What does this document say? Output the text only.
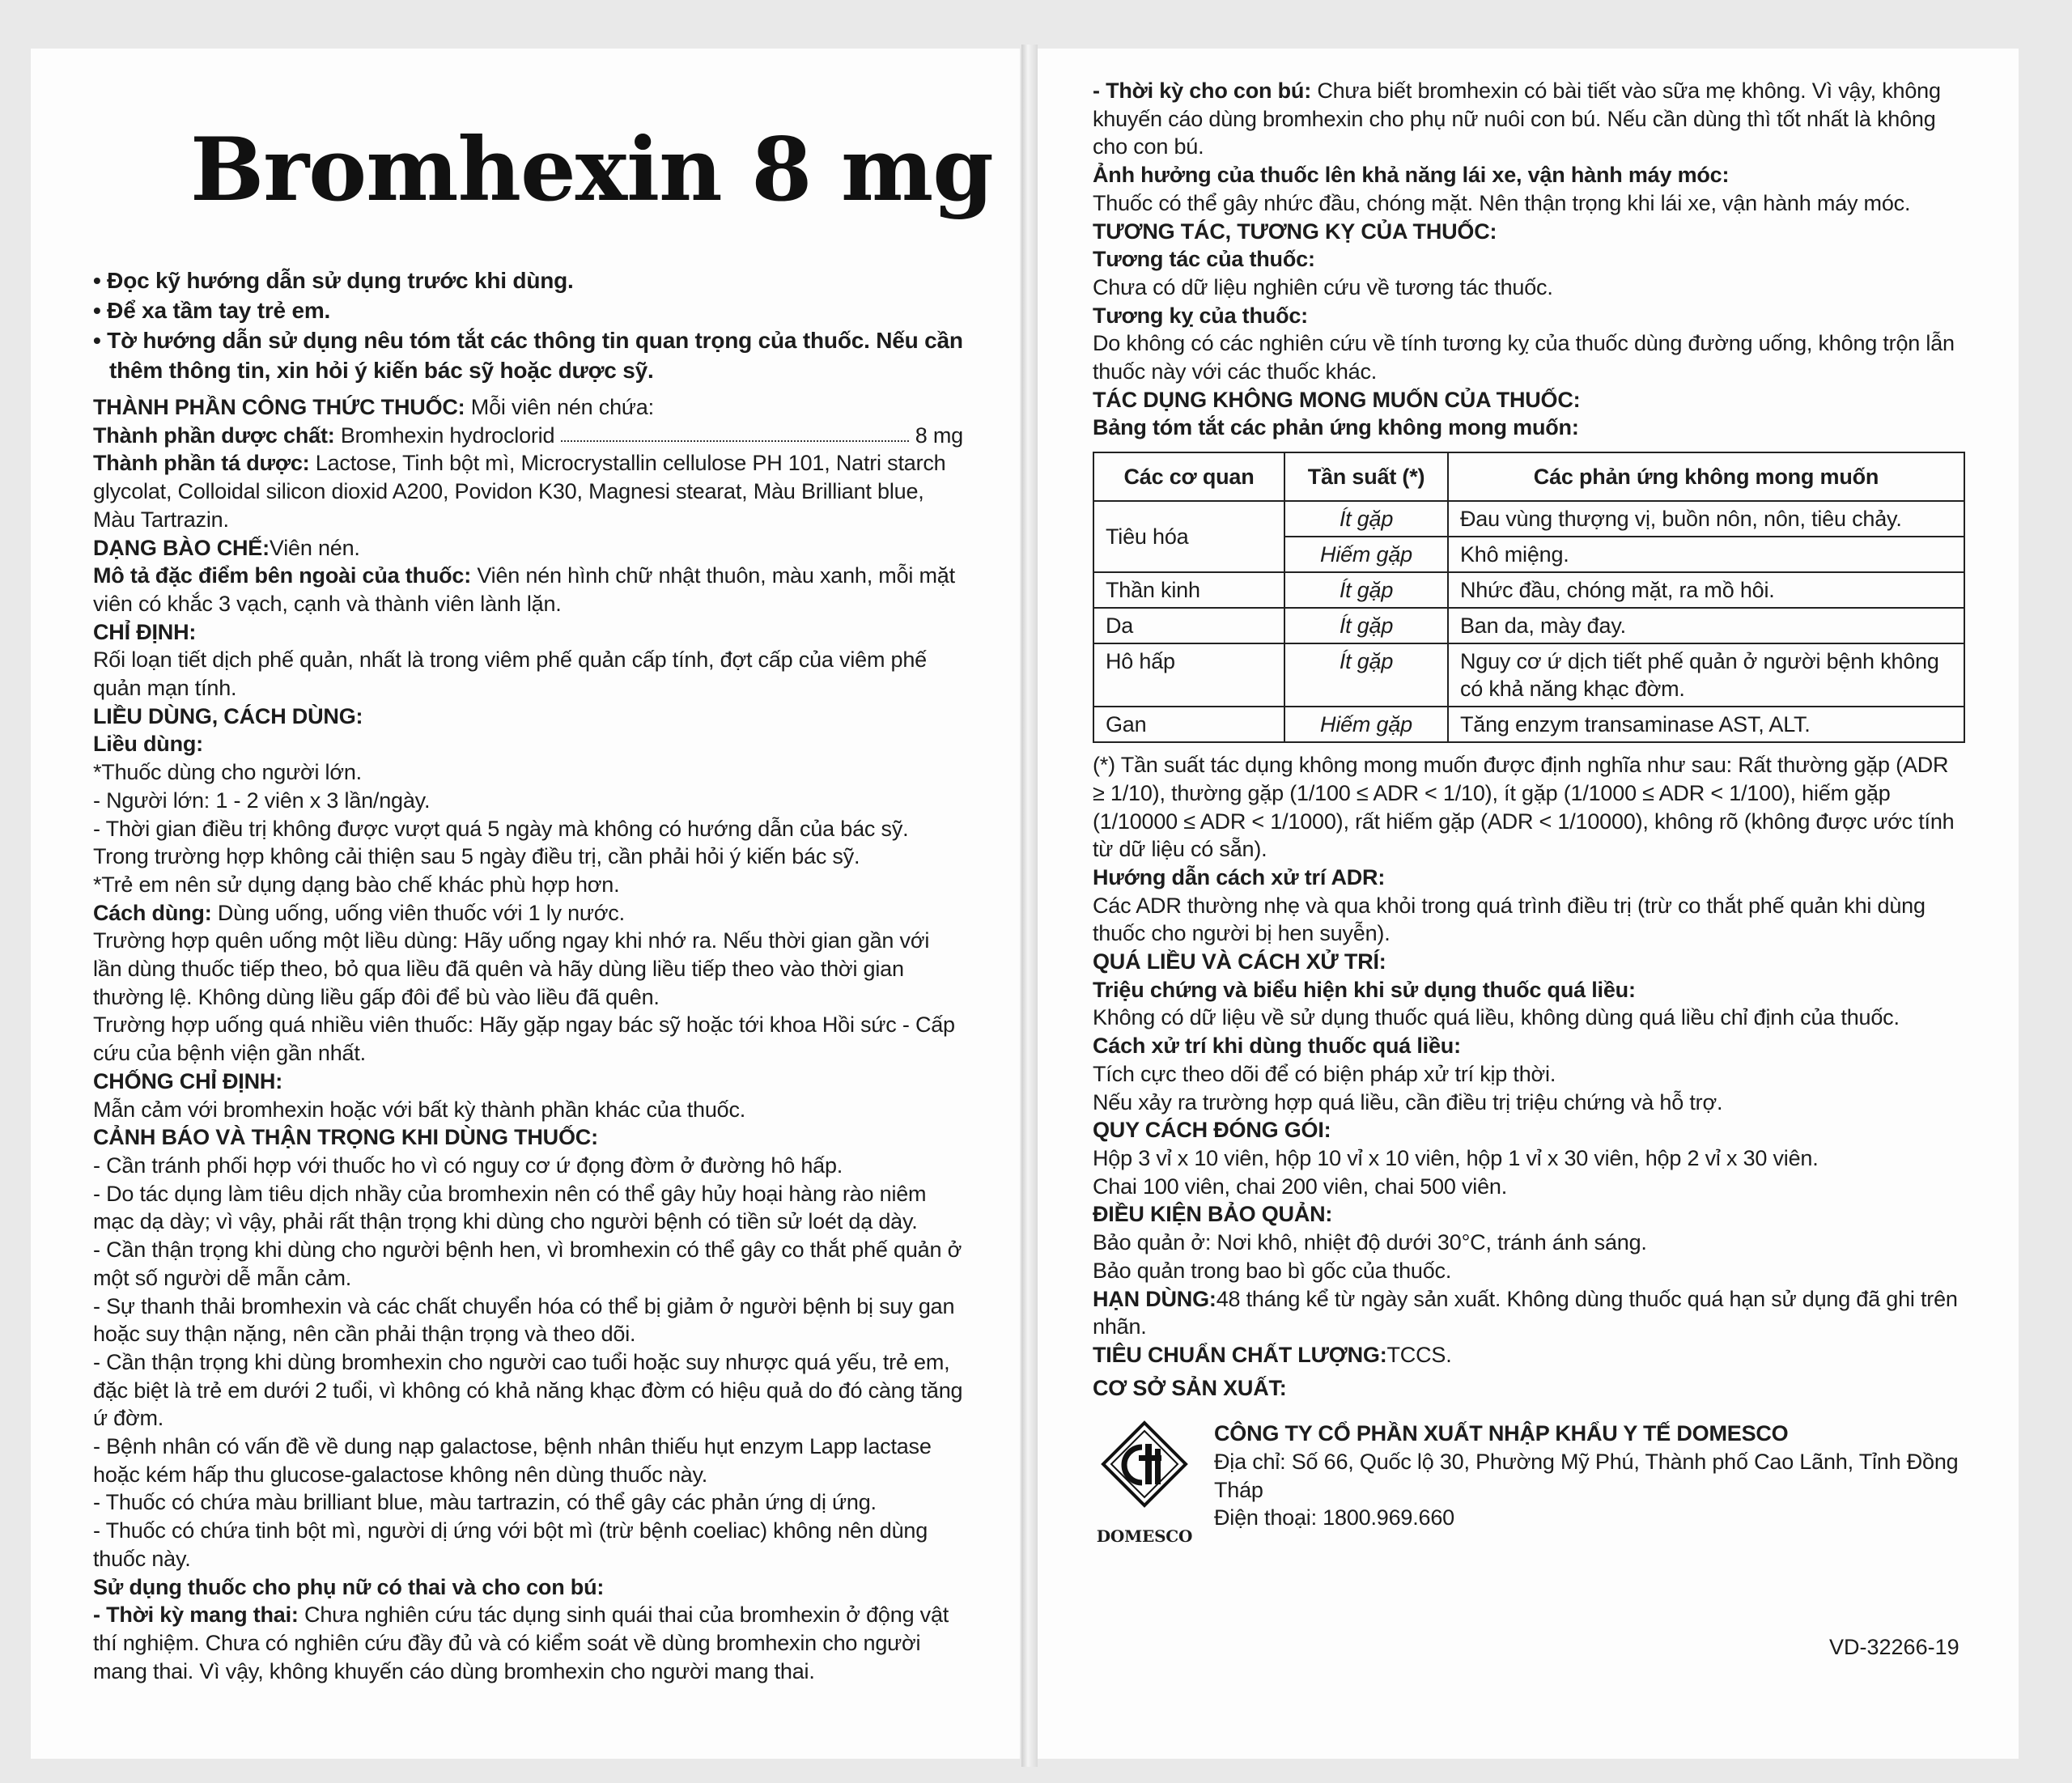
Bromhexin 8 mg
• Đọc kỹ hướng dẫn sử dụng trước khi dùng.
• Để xa tầm tay trẻ em.
• Tờ hướng dẫn sử dụng nêu tóm tắt các thông tin quan trọng của thuốc. Nếu cần thêm thông tin, xin hỏi ý kiến bác sỹ hoặc dược sỹ.

THÀNH PHẦN CÔNG THỨC THUỐC: Mỗi viên nén chứa:

Thành phần dược chất: Bromhexin hydroclorid	8 mg

Thành phần tá dược: Lactose, Tinh bột mì, Microcrystallin cellulose PH 101, Natri starch glycolat, Colloidal silicon dioxid A200, Povidon K30, Magnesi stearat, Màu Brilliant blue, Màu Tartrazin.

DẠNG BÀO CHẾ:Viên nén.

Mô tả đặc điểm bên ngoài của thuốc: Viên nén hình chữ nhật thuôn, màu xanh, mỗi mặt viên có khắc 3 vạch, cạnh và thành viên lành lặn.

CHỈ ĐỊNH:

Rối loạn tiết dịch phế quản, nhất là trong viêm phế quản cấp tính, đợt cấp của viêm phế quản mạn tính.

LIỀU DÙNG, CÁCH DÙNG:
Liều dùng:

*Thuốc dùng cho người lớn.

- Người lớn: 1 - 2 viên x 3 lần/ngày.

- Thời gian điều trị không được vượt quá 5 ngày mà không có hướng dẫn của bác sỹ. Trong trường hợp không cải thiện sau 5 ngày điều trị, cần phải hỏi ý kiến bác sỹ.

*Trẻ em nên sử dụng dạng bào chế khác phù hợp hơn.

Cách dùng: Dùng uống, uống viên thuốc với 1 ly nước.

Trường hợp quên uống một liều dùng: Hãy uống ngay khi nhớ ra. Nếu thời gian gần với lần dùng thuốc tiếp theo, bỏ qua liều đã quên và hãy dùng liều tiếp theo vào thời gian thường lệ. Không dùng liều gấp đôi để bù vào liều đã quên.

Trường hợp uống quá nhiều viên thuốc: Hãy gặp ngay bác sỹ hoặc tới khoa Hồi sức - Cấp cứu của bệnh viện gần nhất.

CHỐNG CHỈ ĐỊNH:

Mẫn cảm với bromhexin hoặc với bất kỳ thành phần khác của thuốc.

CẢNH BÁO VÀ THẬN TRỌNG KHI DÙNG THUỐC:

- Cần tránh phối hợp với thuốc ho vì có nguy cơ ứ đọng đờm ở đường hô hấp.

- Do tác dụng làm tiêu dịch nhầy của bromhexin nên có thể gây hủy hoại hàng rào niêm mạc dạ dày; vì vậy, phải rất thận trọng khi dùng cho người bệnh có tiền sử loét dạ dày.

- Cần thận trọng khi dùng cho người bệnh hen, vì bromhexin có thể gây co thắt phế quản ở một số người dễ mẫn cảm.

- Sự thanh thải bromhexin và các chất chuyển hóa có thể bị giảm ở người bệnh bị suy gan hoặc suy thận nặng, nên cần phải thận trọng và theo dõi.

- Cần thận trọng khi dùng bromhexin cho người cao tuổi hoặc suy nhược quá yếu, trẻ em, đặc biệt là trẻ em dưới 2 tuổi, vì không có khả năng khạc đờm có hiệu quả do đó càng tăng ứ đờm.

- Bệnh nhân có vấn đề về dung nạp galactose, bệnh nhân thiếu hụt enzym Lapp lactase hoặc kém hấp thu glucose-galactose không nên dùng thuốc này.

- Thuốc có chứa màu brilliant blue, màu tartrazin, có thể gây các phản ứng dị ứng.

- Thuốc có chứa tinh bột mì, người dị ứng với bột mì (trừ bệnh coeliac) không nên dùng thuốc này.

Sử dụng thuốc cho phụ nữ có thai và cho con bú:

- Thời kỳ mang thai: Chưa nghiên cứu tác dụng sinh quái thai của bromhexin ở động vật thí nghiệm. Chưa có nghiên cứu đầy đủ và có kiểm soát về dùng bromhexin cho người mang thai. Vì vậy, không khuyến cáo dùng bromhexin cho người mang thai.

- Thời kỳ cho con bú: Chưa biết bromhexin có bài tiết vào sữa mẹ không. Vì vậy, không khuyến cáo dùng bromhexin cho phụ nữ nuôi con bú. Nếu cần dùng thì tốt nhất là không cho con bú.

Ảnh hưởng của thuốc lên khả năng lái xe, vận hành máy móc:

Thuốc có thể gây nhức đầu, chóng mặt. Nên thận trọng khi lái xe, vận hành máy móc.

TƯƠNG TÁC, TƯƠNG KỴ CỦA THUỐC:
Tương tác của thuốc:

Chưa có dữ liệu nghiên cứu về tương tác thuốc.

Tương kỵ của thuốc:

Do không có các nghiên cứu về tính tương kỵ của thuốc dùng đường uống, không trộn lẫn thuốc này với các thuốc khác.

TÁC DỤNG KHÔNG MONG MUỐN CỦA THUỐC:
Bảng tóm tắt các phản ứng không mong muốn:
Các cơ quan	Tần suất (*)	Các phản ứng không mong muốn
Tiêu hóa	Ít gặp	Đau vùng thượng vị, buồn nôn, nôn, tiêu chảy.
	Hiếm gặp	Khô miệng.
Thần kinh	Ít gặp	Nhức đầu, chóng mặt, ra mồ hôi.
Da	Ít gặp	Ban da, mày đay.
Hô hấp	Ít gặp	Nguy cơ ứ dịch tiết phế quản ở người bệnh không có khả năng khạc đờm.
Gan	Hiếm gặp	Tăng enzym transaminase AST, ALT.

(*) Tần suất tác dụng không mong muốn được định nghĩa như sau: Rất thường gặp (ADR ≥ 1/10), thường gặp (1/100 ≤ ADR < 1/10), ít gặp (1/1000 ≤ ADR < 1/100), hiếm gặp (1/10000 ≤ ADR < 1/1000), rất hiếm gặp (ADR < 1/10000), không rõ (không được ước tính từ dữ liệu có sẵn).

Hướng dẫn cách xử trí ADR:

Các ADR thường nhẹ và qua khỏi trong quá trình điều trị (trừ co thắt phế quản khi dùng thuốc cho người bị hen suyễn).

QUÁ LIỀU VÀ CÁCH XỬ TRÍ:
Triệu chứng và biểu hiện khi sử dụng thuốc quá liều:

Không có dữ liệu về sử dụng thuốc quá liều, không dùng quá liều chỉ định của thuốc.

Cách xử trí khi dùng thuốc quá liều:

Tích cực theo dõi để có biện pháp xử trí kịp thời.

Nếu xảy ra trường hợp quá liều, cần điều trị triệu chứng và hỗ trợ.

QUY CÁCH ĐÓNG GÓI:

Hộp 3 vỉ x 10 viên, hộp 10 vỉ x 10 viên, hộp 1 vỉ x 30 viên, hộp 2 vỉ x 30 viên.

Chai 100 viên, chai 200 viên, chai 500 viên.

ĐIỀU KIỆN BẢO QUẢN:

Bảo quản ở: Nơi khô, nhiệt độ dưới 30°C, tránh ánh sáng.

Bảo quản trong bao bì gốc của thuốc.

HẠN DÙNG:48 tháng kể từ ngày sản xuất. Không dùng thuốc quá hạn sử dụng đã ghi trên nhãn.

TIÊU CHUẨN CHẤT LƯỢNG:TCCS.

CƠ SỞ SẢN XUẤT:
DOMESCO
CÔNG TY CỔ PHẦN XUẤT NHẬP KHẨU Y TẾ DOMESCO
Địa chỉ: Số 66, Quốc lộ 30, Phường Mỹ Phú, Thành phố Cao Lãnh, Tỉnh Đồng Tháp
Điện thoại: 1800.969.660
VD-32266-19
